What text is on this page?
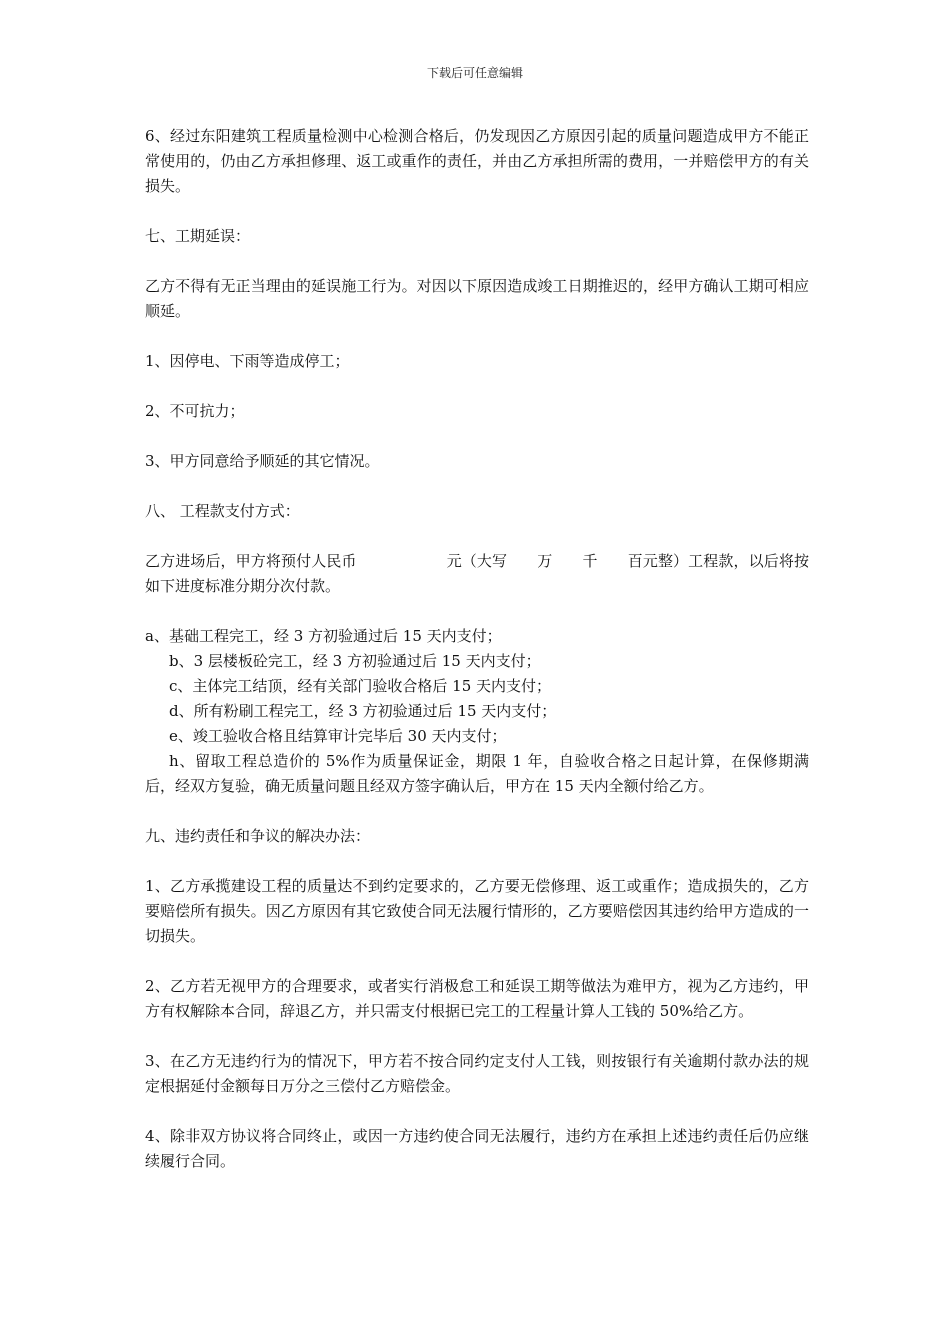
下载后可任意编辑

6、经过东阳建筑工程质量检测中心检测合格后，仍发现因乙方原因引起的质量问题造成甲方不能正常使用的，仍由乙方承担修理、返工或重作的责任，并由乙方承担所需的费用，一并赔偿甲方的有关损失。

七、工期延误：

乙方不得有无正当理由的延误施工行为。对因以下原因造成竣工日期推迟的，经甲方确认工期可相应顺延。

1、因停电、下雨等造成停工；

2、不可抗力；

3、甲方同意给予顺延的其它情况。

八、 工程款支付方式：

乙方进场后，甲方将预付人民币	元（大写 万 千 百元整）工程款，以后将按如下进度标准分期分次付款。

a、基础工程完工，经 3 方初验通过后 15 天内支付；

b、3 层楼板砼完工，经 3 方初验通过后 15 天内支付；

c、主体完工结顶，经有关部门验收合格后 15 天内支付；

d、所有粉刷工程完工，经 3 方初验通过后 15 天内支付；

e、竣工验收合格且结算审计完毕后 30 天内支付；

h、留取工程总造价的 5%作为质量保证金，期限 1 年，自验收合格之日起计算，在保修期满后，经双方复验，确无质量问题且经双方签字确认后，甲方在 15 天内全额付给乙方。

九、违约责任和争议的解决办法：

1、乙方承揽建设工程的质量达不到约定要求的，乙方要无偿修理、返工或重作；造成损失的，乙方要赔偿所有损失。因乙方原因有其它致使合同无法履行情形的，乙方要赔偿因其违约给甲方造成的一切损失。

2、乙方若无视甲方的合理要求，或者实行消极怠工和延误工期等做法为难甲方，视为乙方违约，甲方有权解除本合同，辞退乙方，并只需支付根据已完工的工程量计算人工钱的 50%给乙方。

3、在乙方无违约行为的情况下，甲方若不按合同约定支付人工钱，则按银行有关逾期付款办法的规定根据延付金额每日万分之三偿付乙方赔偿金。

4、除非双方协议将合同终止，或因一方违约使合同无法履行，违约方在承担上述违约责任后仍应继续履行合同。
